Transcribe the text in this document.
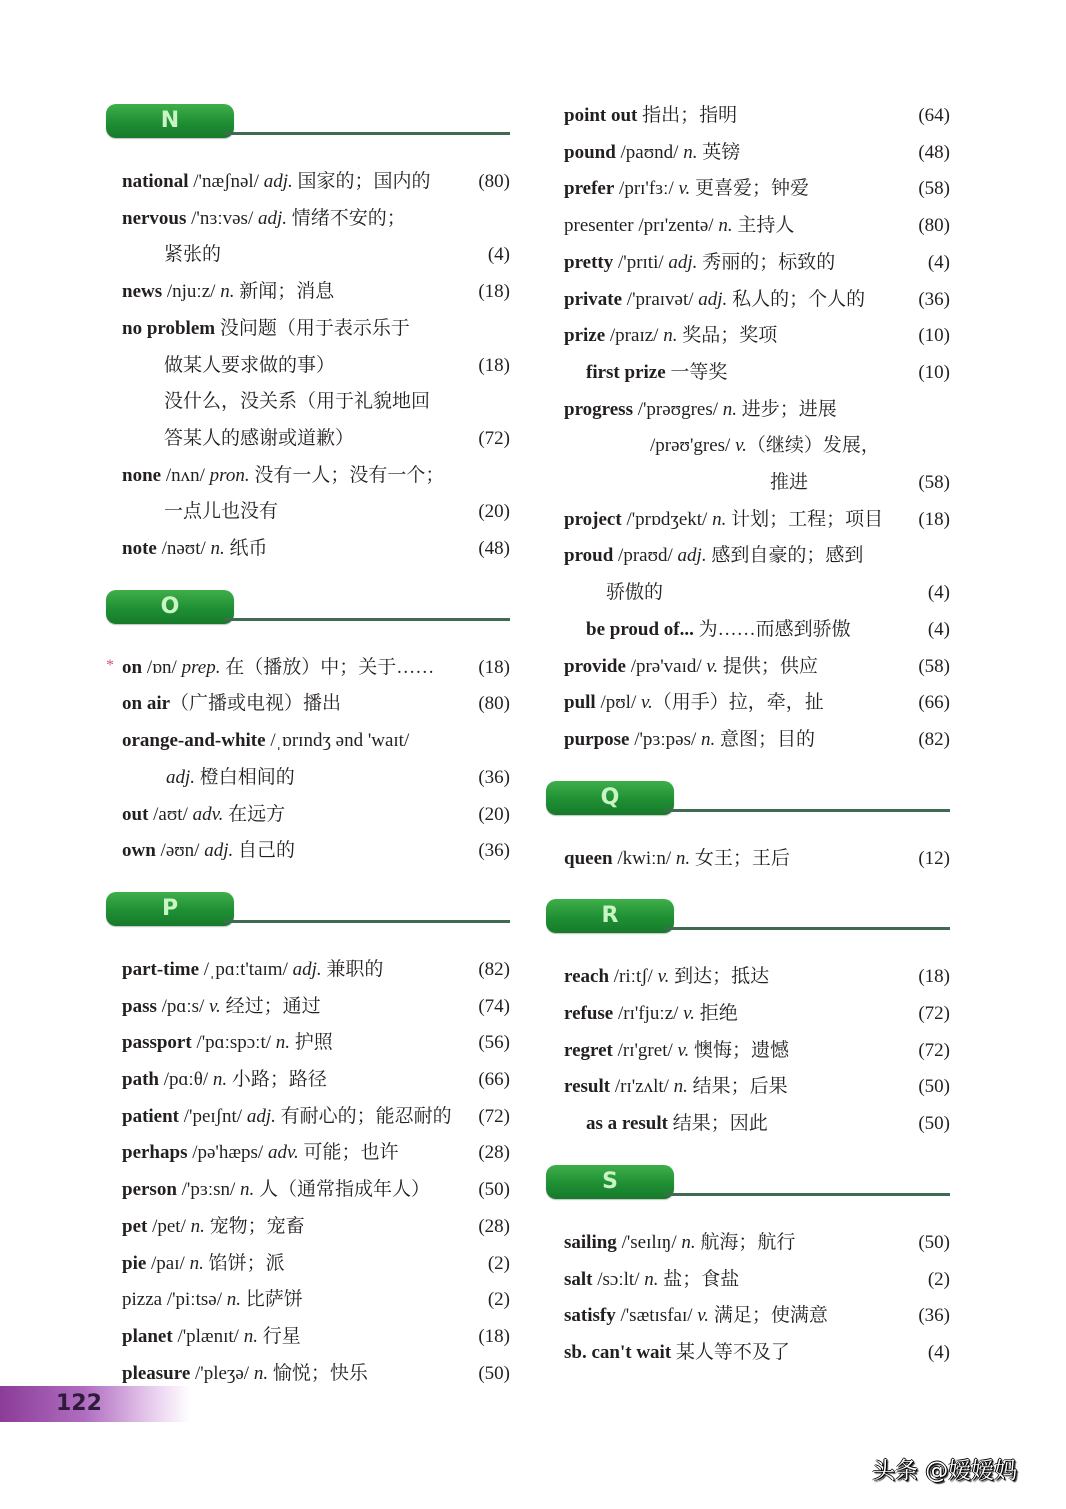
N
national /'næʃnəl/ adj. 国家的；国内的	(80)
nervous /'nɜːvəs/ adj. 情绪不安的；
紧张的	(4)
news /njuːz/ n. 新闻；消息	(18)
no problem 没问题（用于表示乐于
做某人要求做的事）	(18)
没什么，没关系（用于礼貌地回
答某人的感谢或道歉）	(72)
none /nʌn/ pron. 没有一人；没有一个；
一点儿也没有	(20)
note /nəʊt/ n. 纸币	(48)
O
* on /ɒn/ prep. 在（播放）中；关于…… (18)
on air（广播或电视）播出	(80)
orange-and-white /ˌɒrɪndʒ ənd 'waɪt/
adj. 橙白相间的	(36)
out /aʊt/ adv. 在远方	(20)
own /əʊn/ adj. 自己的	(36)
P
part-time /ˌpɑːt'taɪm/ adj. 兼职的	(82)
pass /pɑːs/ v. 经过；通过	(74)
passport /'pɑːspɔːt/ n. 护照	(56)
path /pɑːθ/ n. 小路；路径	(66)
patient /'peɪʃnt/ adj. 有耐心的；能忍耐的 (72)
perhaps /pə'hæps/ adv. 可能；也许	(28)
person /'pɜːsn/ n. 人（通常指成年人）	(50)
pet /pet/ n. 宠物；宠畜	(28)
pie /paɪ/ n. 馅饼；派	(2)
pizza /'piːtsə/ n. 比萨饼	(2)
planet /'plænɪt/ n. 行星	(18)
pleasure /'pleʒə/ n. 愉悦；快乐	(50)
point out 指出；指明	(64)
pound /paʊnd/ n. 英镑	(48)
prefer /prɪ'fɜː/ v. 更喜爱；钟爱	(58)
presenter /prɪ'zentə/ n. 主持人	(80)
pretty /'prɪti/ adj. 秀丽的；标致的	(4)
private /'praɪvət/ adj. 私人的；个人的	(36)
prize /praɪz/ n. 奖品；奖项	(10)
first prize 一等奖	(10)
progress /'prəʊgres/ n. 进步；进展
/prəʊ'gres/ v.（继续）发展，
推进	(58)
project /'prɒdʒekt/ n. 计划；工程；项目 (18)
proud /praʊd/ adj. 感到自豪的；感到
骄傲的	(4)
be proud of... 为……而感到骄傲	(4)
provide /prə'vaɪd/ v. 提供；供应	(58)
pull /pʊl/ v.（用手）拉，牵，扯	(66)
purpose /'pɜːpəs/ n. 意图；目的	(82)
Q
queen /kwiːn/ n. 女王；王后	(12)
R
reach /riːtʃ/ v. 到达；抵达	(18)
refuse /rɪ'fjuːz/ v. 拒绝	(72)
regret /rɪ'gret/ v. 懊悔；遗憾	(72)
result /rɪ'zʌlt/ n. 结果；后果	(50)
as a result 结果；因此	(50)
S
sailing /'seɪlɪŋ/ n. 航海；航行	(50)
salt /sɔːlt/ n. 盐；食盐	(2)
satisfy /'sætɪsfaɪ/ v. 满足；使满意	(36)
sb. can't wait 某人等不及了	(4)
122
头条 @嫒嫒妈
